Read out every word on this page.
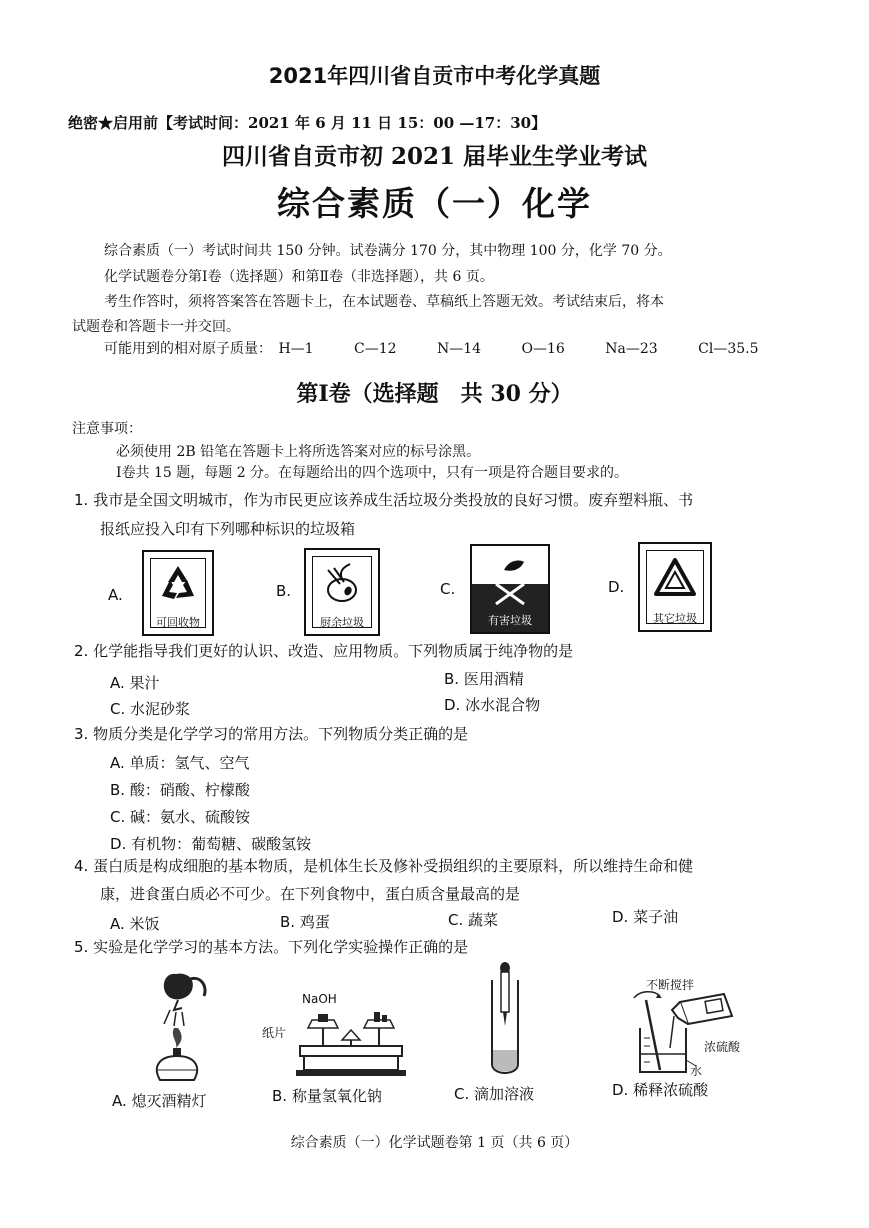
2021年四川省自贡市中考化学真题
绝密★启用前【考试时间：2021 年 6 月 11 日 15：00 —17：30】
四川省自贡市初 2021 届毕业生学业考试
综合素质（一）化学
综合素质（一）考试时间共 150 分钟。试卷满分 170 分，其中物理 100 分，化学 70 分。
化学试题卷分第Ⅰ卷（选择题）和第Ⅱ卷（非选择题），共 6 页。
考生作答时，须将答案答在答题卡上，在本试题卷、草稿纸上答题无效。考试结束后，将本
试题卷和答题卡一并交回。
可能用到的相对原子质量： H—1	C—12	N—14	O—16	Na—23	Cl—35.5
第Ⅰ卷（选择题　共 30 分）
注意事项：
必须使用 2B 铅笔在答题卡上将所选答案对应的标号涂黑。
Ⅰ卷共 15 题，每题 2 分。在每题给出的四个选项中，只有一项是符合题目要求的。
1. 我市是全国文明城市，作为市民更应该养成生活垃圾分类投放的良好习惯。废弃塑料瓶、书
报纸应投入印有下列哪种标识的垃圾箱
A.
可回收物
B.
厨余垃圾
C.
有害垃圾
D.
其它垃圾
2. 化学能指导我们更好的认识、改造、应用物质。下列物质属于纯净物的是
A. 果汁	B. 医用酒精
C. 水泥砂浆	D. 冰水混合物
3. 物质分类是化学学习的常用方法。下列物质分类正确的是
A. 单质：氢气、空气
B. 酸：硝酸、柠檬酸
C. 碱：氨水、硫酸铵
D. 有机物：葡萄糖、碳酸氢铵
4. 蛋白质是构成细胞的基本物质，是机体生长及修补受损组织的主要原料，所以维持生命和健
康，进食蛋白质必不可少。在下列食物中，蛋白质含量最高的是
A. 米饭	B. 鸡蛋	C. 蔬菜	D. 菜子油
5. 实验是化学学习的基本方法。下列化学实验操作正确的是
A. 熄灭酒精灯
NaOH
纸片
B. 称量氢氧化钠	C. 滴加溶液
不断搅拌
浓硫酸
水
D. 稀释浓硫酸
综合素质（一）化学试题卷第 1 页（共 6 页）
